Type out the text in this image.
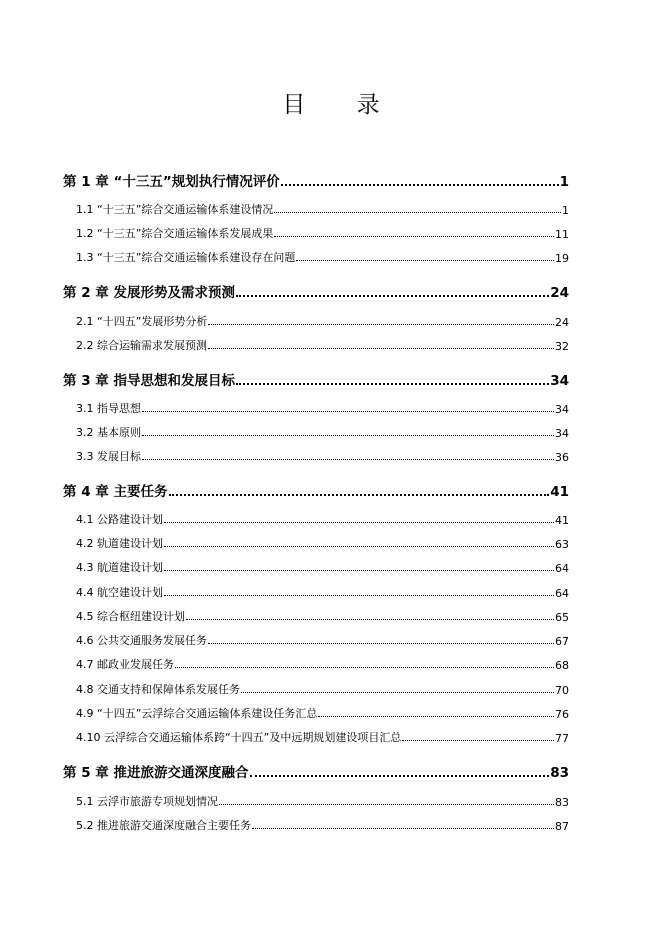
目 录
第 1 章 “十三五”规划执行情况评价	1
1.1 “十三五”综合交通运输体系建设情况	1
1.2 “十三五”综合交通运输体系发展成果	11
1.3 “十三五”综合交通运输体系建设存在问题	19
第 2 章 发展形势及需求预测	24
2.1 “十四五”发展形势分析	24
2.2 综合运输需求发展预测	32
第 3 章 指导思想和发展目标	34
3.1 指导思想	34
3.2 基本原则	34
3.3 发展目标	36
第 4 章 主要任务	41
4.1 公路建设计划	41
4.2 轨道建设计划	63
4.3 航道建设计划	64
4.4 航空建设计划	64
4.5 综合枢纽建设计划	65
4.6 公共交通服务发展任务	67
4.7 邮政业发展任务	68
4.8 交通支持和保障体系发展任务	70
4.9 “十四五”云浮综合交通运输体系建设任务汇总	76
4.10 云浮综合交通运输体系跨“十四五”及中远期规划建设项目汇总	77
第 5 章 推进旅游交通深度融合	83
5.1 云浮市旅游专项规划情况	83
5.2 推进旅游交通深度融合主要任务	87
